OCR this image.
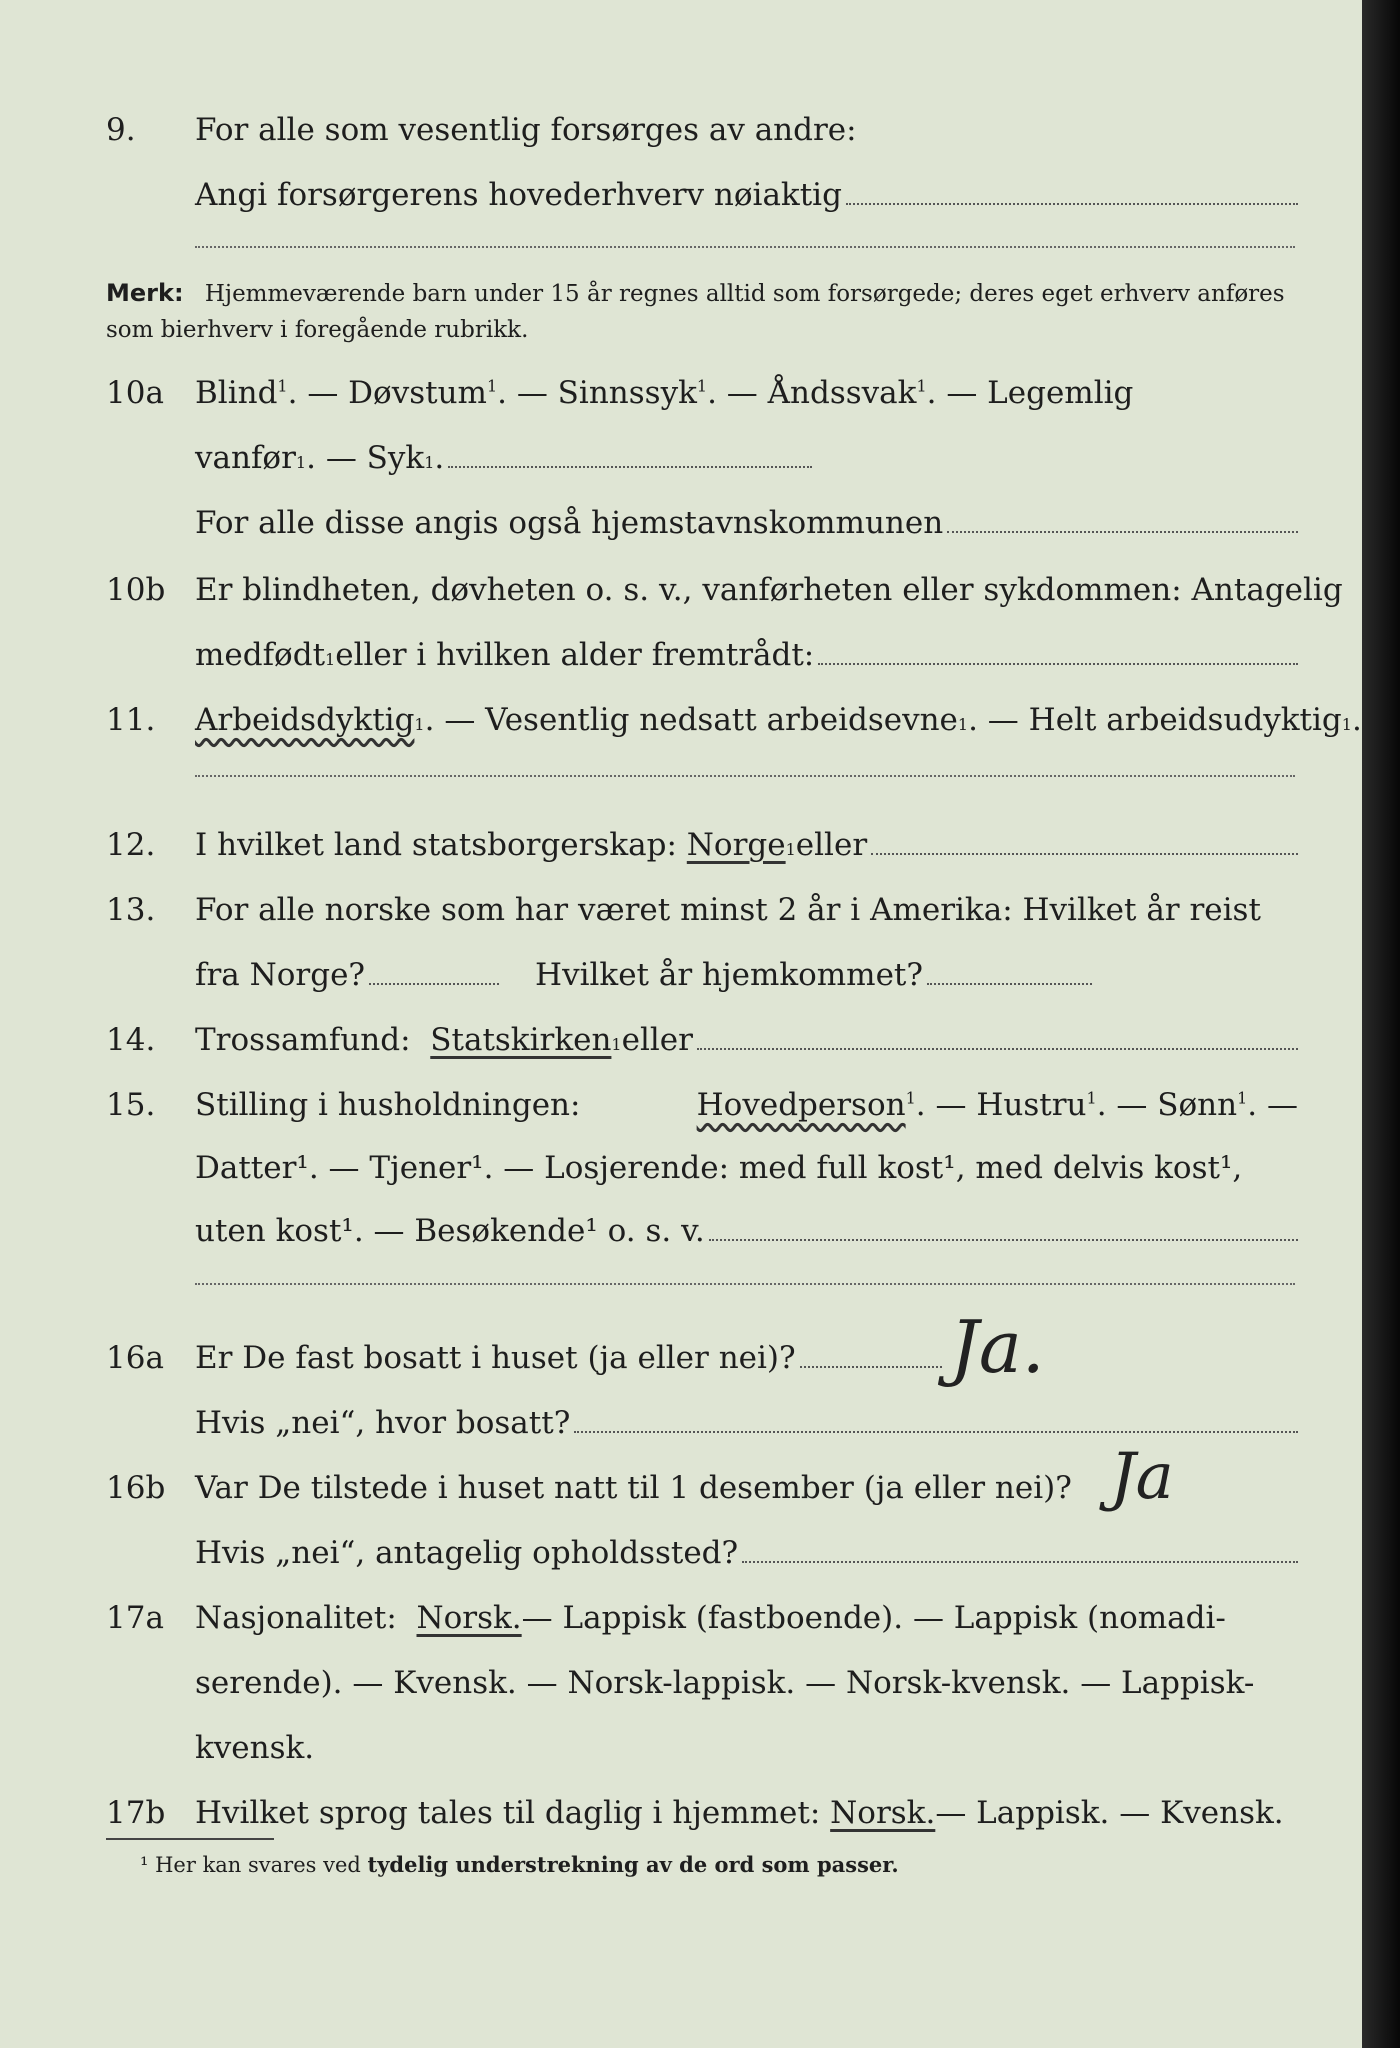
9. For alle som vesentlig forsørges av andre:
Angi forsørgerens hovederhverv nøiaktig
Merk: Hjemmeværende barn under 15 år regnes alltid som forsørgede; deres eget erhverv anføres som bierhverv i foregående rubrikk.
10a Blind$^1$. — Døvstum$^1$. — Sinnssyk$^1$. — Åndssvak$^1$. — Legemlig
vanfør 1 . — Syk 1 .
For alle disse angis også hjemstavnskommunen
10b Er blindheten, døvheten o. s. v., vanførheten eller sykdommen: Antagelig
medfødt 1 eller i hvilken alder fremtrådt:
11. Arbeidsdyktig 1 . — Vesentlig nedsatt arbeidsevne 1 . — Helt arbeidsudyktig 1 .
12. I hvilket land statsborgerskap:
Norge 1 eller
13. For alle norske som har været minst 2 år i Amerika: Hvilket år reist
fra Norge?	Hvilket år hjemkommet?
14. Trossamfund:
Statskirken 1 eller
15. Stilling i husholdningen:	Hovedperson$^1$. — Hustru$^1$. — Sønn$^1$. —
Datter¹. — Tjener¹. — Losjerende: med full kost¹, med delvis kost¹,
uten kost¹. — Besøkende¹ o. s. v.
16a Er De fast bosatt i huset (ja eller nei)? Ja.
Hvis „nei“, hvor bosatt?
16b Var De tilstede i huset natt til 1 desember (ja eller nei)? Ja
Hvis „nei“, antagelig opholdssted?
17a Nasjonalitet:
Norsk. — Lappisk (fastboende). — Lappisk (nomadi-
serende). — Kvensk. — Norsk-lappisk. — Norsk-kvensk. — Lappisk-
kvensk.
17b Hvilket sprog tales til daglig i hjemmet:
Norsk. — Lappisk. — Kvensk.
¹ Her kan svares ved tydelig understrekning av de ord som passer.
